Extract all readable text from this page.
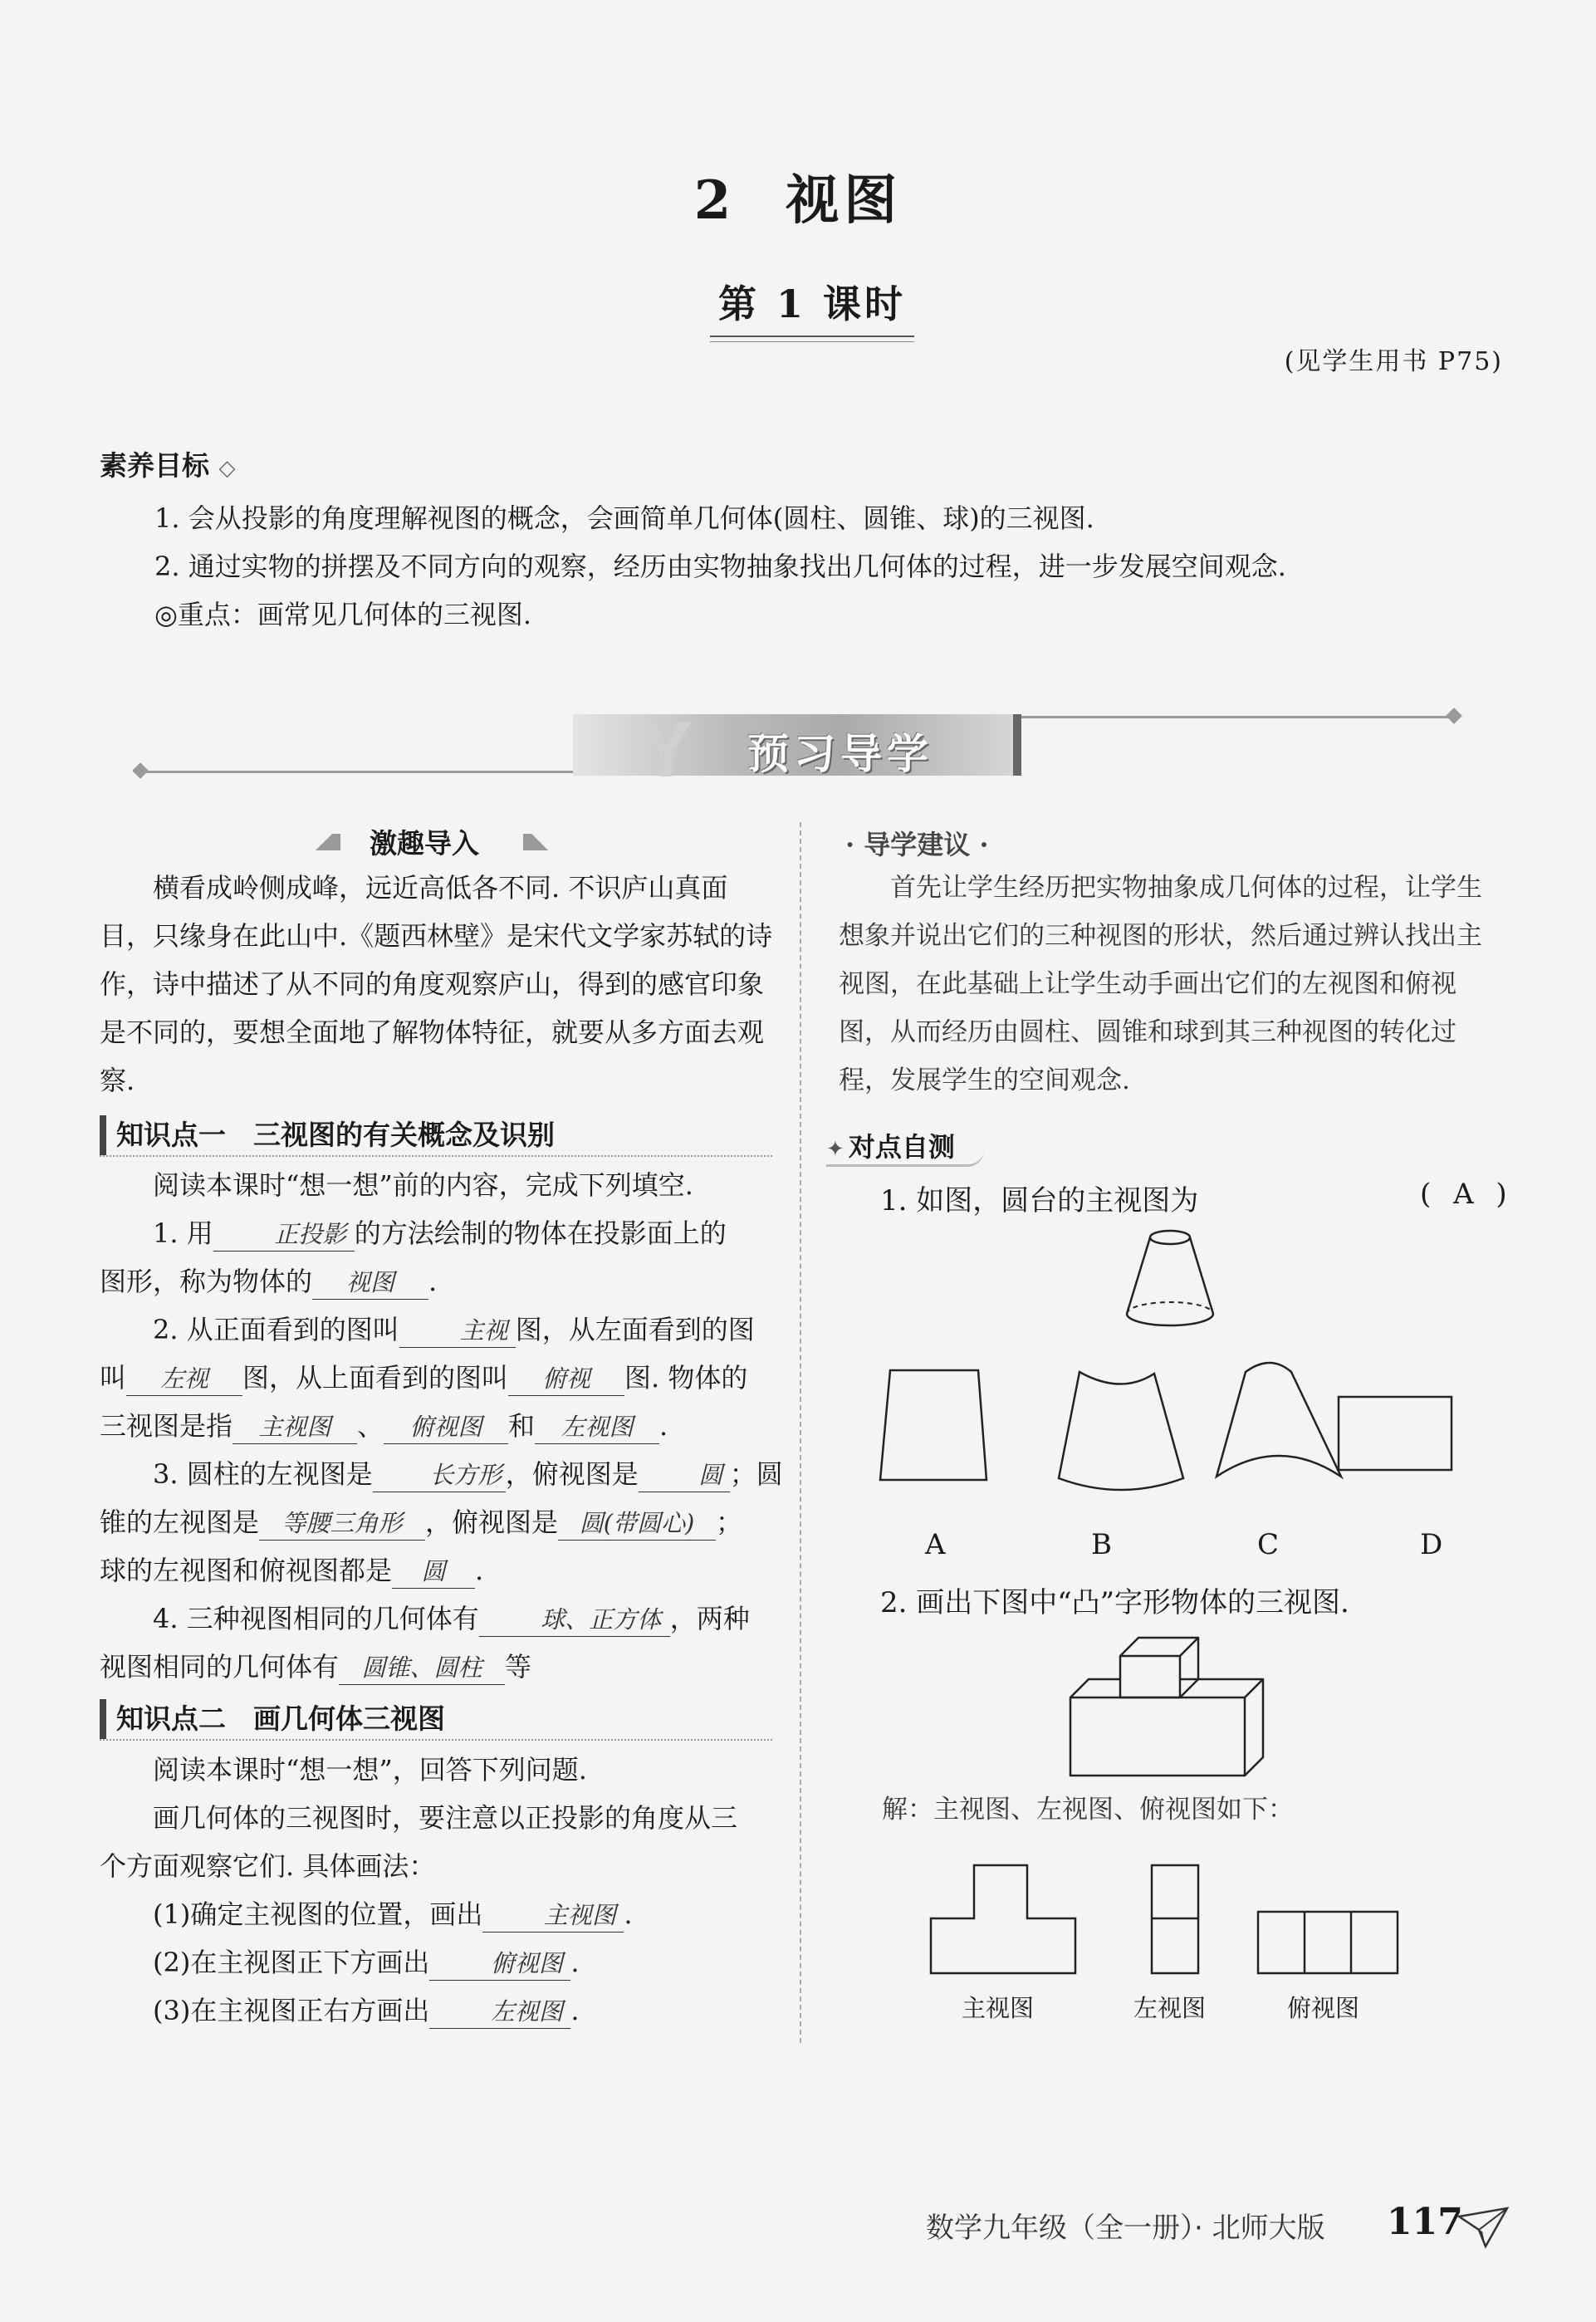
2 视图
第 1 课时
(见学生用书 P75)
素养目标 ◇

1. 会从投影的角度理解视图的概念，会画简单几何体(圆柱、圆锥、球)的三视图.

2. 通过实物的拼摆及不同方向的观察，经历由实物抽象找出几何体的过程，进一步发展空间观念.

◎重点：画常见几何体的三视图.

Y 预习导学
激趣导入
横看成岭侧成峰，远近高低各不同. 不识庐山真面目，只缘身在此山中.《题西林壁》是宋代文学家苏轼的诗作，诗中描述了从不同的角度观察庐山，得到的感官印象是不同的，要想全面地了解物体特征，就要从多方面去观察.
知识点一　三视图的有关概念及识别

阅读本课时“想一想”前的内容，完成下列填空.

1. 用	正投影 的方法绘制的物体在投影面上的

图形，称为物体的 视图 .

2. 从正面看到的图叫	主视 图，从左面看到的图

叫 左视 图，从上面看到的图叫 俯视 图. 物体的

三视图是指 主视图 、 俯视图 和 左视图 .

3. 圆柱的左视图是 长方形 ，俯视图是 圆 ；圆

锥的左视图是 等腰三角形 ，俯视图是 圆(带圆心) ；

球的左视图和俯视图都是 圆 .

4. 三种视图相同的几何体有	球、正方体 ，两种

视图相同的几何体有 圆锥、圆柱 等

知识点二　画几何体三视图

阅读本课时“想一想”，回答下列问题.

画几何体的三视图时，要注意以正投影的角度从三

个方面观察它们. 具体画法：

(1)确定主视图的位置，画出	主视图 .

(2)在主视图正下方画出	俯视图 .

(3)在主视图正右方画出	左视图 .

· 导学建议 ·
首先让学生经历把实物抽象成几何体的过程，让学生想象并说出它们的三种视图的形状，然后通过辨认找出主视图，在此基础上让学生动手画出它们的左视图和俯视图，从而经历由圆柱、圆锥和球到其三种视图的转化过程，发展学生的空间观念.
✦ 对点自测
1. 如图，圆台的主视图为	( A )
A	B	C	D
2. 画出下图中“凸”字形物体的三视图.
解：主视图、左视图、俯视图如下：
主视图	左视图	俯视图
数学九年级（全一册）· 北师大版 117
